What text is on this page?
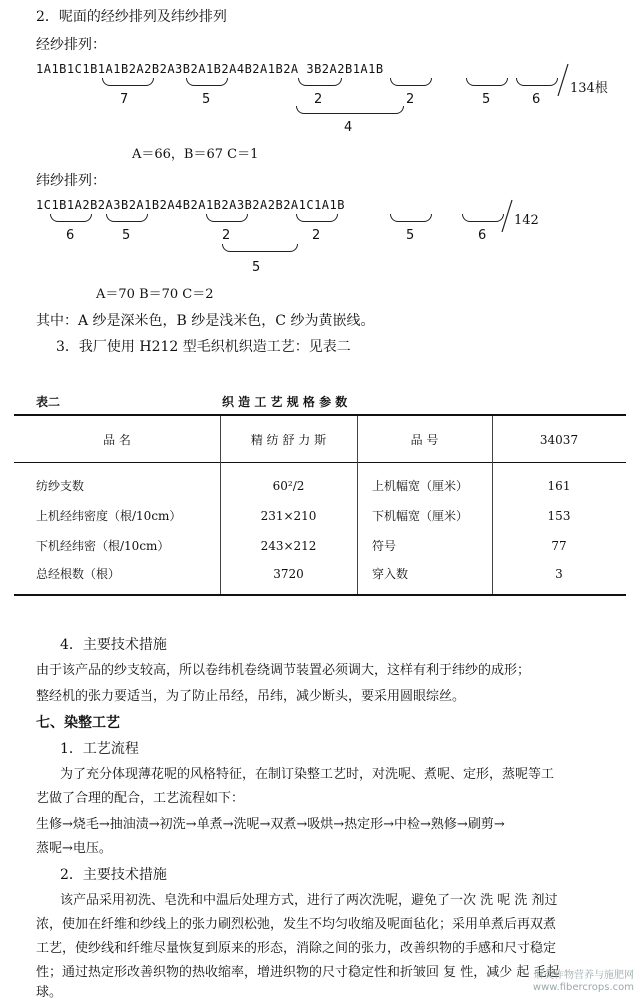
2．呢面的经纱排列及纬纱排列
经纱排列：
1A1B1C1B1A1B2A2B2A3B2A1B2A4B2A1B2A 3B2A2B1A1B
7	5	2	2	5	6
4
134根
A＝66，B＝67 C＝1
纬纱排列：
1C1B1A2B2A3B2A1B2A4B2A1B2A3B2A2B2A1C1A1B
6	5	2	2	5	6
5
142
A＝70 B＝70 C＝2
其中：A 纱是深米色，B 纱是浅米色，C 纱为黄嵌线。
3．我厂使用 H212 型毛织机织造工艺：见表二
表二	织 造 工 艺 规 格 参 数
品 名	精 纺 舒 力 斯	品 号	34037
纺纱支数	60²/2	上机幅宽（厘米）	161
上机经纬密度（根/10cm）	231×210	下机幅宽（厘米）	153
下机经纬密（根/10cm）	243×212	符号	77
总经根数（根）	3720	穿入数	3
4．主要技术措施
由于该产品的纱支较高，所以卷纬机卷绕调节装置必须调大，这样有利于纬纱的成形；
整经机的张力要适当，为了防止吊经，吊纬，减少断头，要采用圆眼综丝。
七、染整工艺
1．工艺流程
为了充分体现薄花呢的风格特征，在制订染整工艺时，对洗呢、煮呢、定形，蒸呢等工
艺做了合理的配合，工艺流程如下：
生修→烧毛→抽油渍→初洗→单煮→洗呢→双煮→吸烘→热定形→中检→熟修→刷剪→
蒸呢→电压。
2．主要技术措施
该产品采用初洗、皂洗和中温后处理方式，进行了两次洗呢，避免了一次 洗 呢 洗 剂过
浓，使加在纤维和纱线上的张力刷烈松弛，发生不均匀收缩及呢面毡化；采用单煮后再双煮
工艺，使纱线和纤维尽量恢复到原来的形态，消除之间的张力，改善织物的手感和尺寸稳定
性；通过热定形改善织物的热收缩率，增进织物的尺寸稳定性和折皱回 复 性，减少 起 毛起
球。
麻类作物营养与施肥网
www.fibercrops.com
